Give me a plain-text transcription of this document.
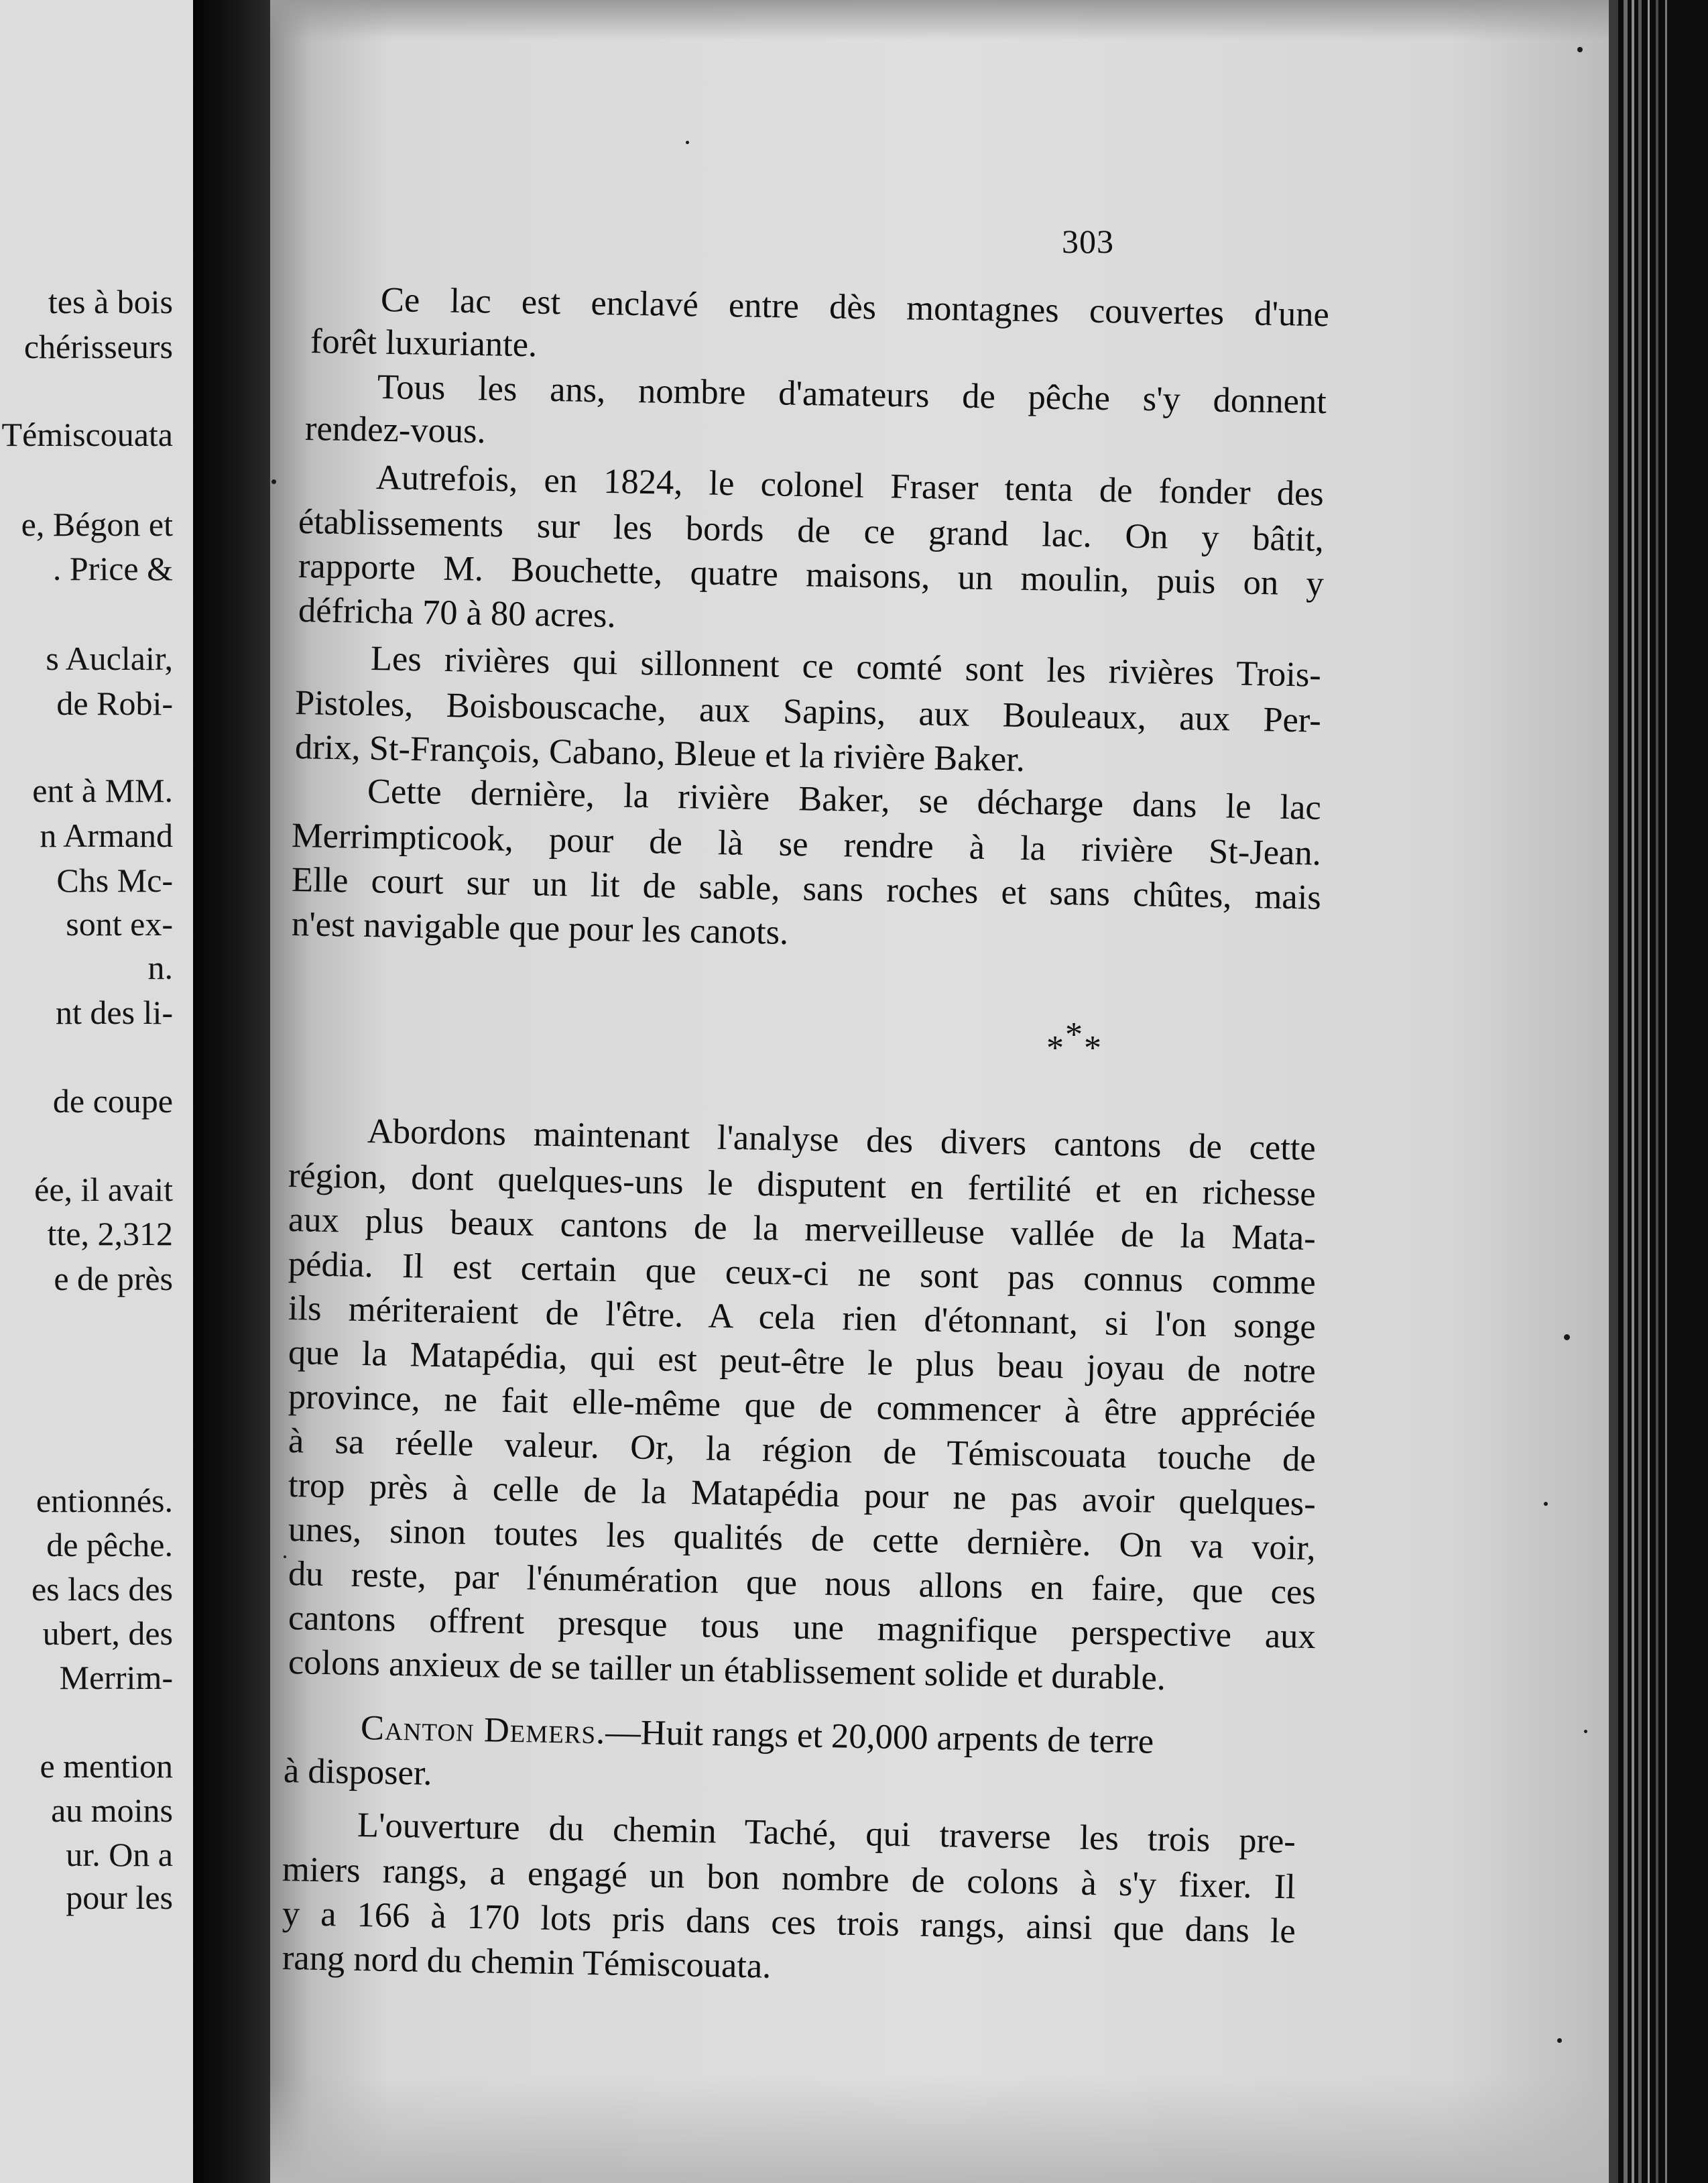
tes à bois
chérisseurs
Témiscouata
e, Bégon et
. Price &
s Auclair,
de Robi-
ent à MM.
n Armand
Chs Mc-
sont ex-
n.
nt des li-
de coupe
ée, il avait
tte, 2,312
e de près
entionnés.
de pêche.
es lacs des
ubert, des
Merrim-
e mention
au moins
ur. On a
pour les
303
Ce lac est enclavé entre dès montagnes couvertes d'une
forêt luxuriante.
Tous les ans, nombre d'amateurs de pêche s'y donnent
rendez-vous.
Autrefois, en 1824, le colonel Fraser tenta de fonder des
établissements sur les bords de ce grand lac. On y bâtit,
rapporte M. Bouchette, quatre maisons, un moulin, puis on y
défricha 70 à 80 acres.
Les rivières qui sillonnent ce comté sont les rivières Trois-
Pistoles, Boisbouscache, aux Sapins, aux Bouleaux, aux Per-
drix, St-François, Cabano, Bleue et la rivière Baker.
Cette dernière, la rivière Baker, se décharge dans le lac
Merrimpticook, pour de là se rendre à la rivière St-Jean.
Elle court sur un lit de sable, sans roches et sans chûtes, mais
n'est navigable que pour les canots.
Abordons maintenant l'analyse des divers cantons de cette
région, dont quelques-uns le disputent en fertilité et en richesse
aux plus beaux cantons de la merveilleuse vallée de la Mata-
pédia. Il est certain que ceux-ci ne sont pas connus comme
ils mériteraient de l'être. A cela rien d'étonnant, si l'on songe
que la Matapédia, qui est peut-être le plus beau joyau de notre
province, ne fait elle-même que de commencer à être appréciée
à sa réelle valeur. Or, la région de Témiscouata touche de
trop près à celle de la Matapédia pour ne pas avoir quelques-
unes, sinon toutes les qualités de cette dernière. On va voir,
du reste, par l'énumération que nous allons en faire, que ces
cantons offrent presque tous une magnifique perspective aux
colons anxieux de se tailler un établissement solide et durable.
Canton Demers.—Huit rangs et 20,000 arpents de terre
à disposer.
L'ouverture du chemin Taché, qui traverse les trois pre-
miers rangs, a engagé un bon nombre de colons à s'y fixer. Il
y a 166 à 170 lots pris dans ces trois rangs, ainsi que dans le
rang nord du chemin Témiscouata.
* * *
